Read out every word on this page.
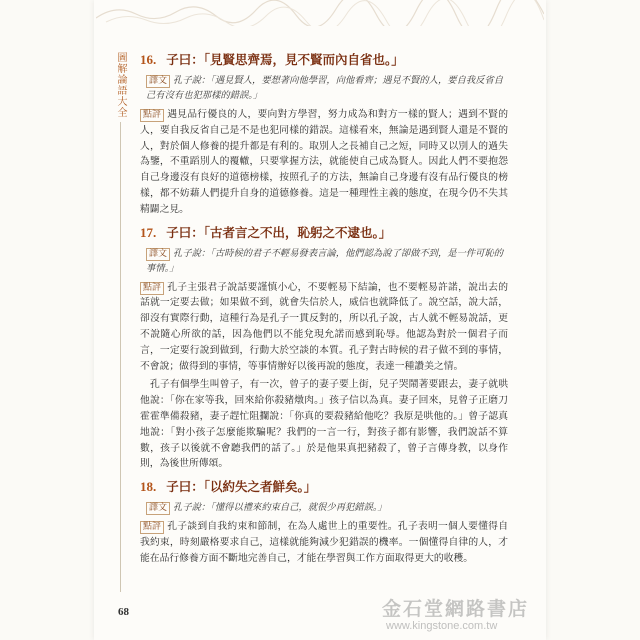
圖解論語大全 16. 子曰：「見賢思齊焉，見不賢而內自省也。」
譯文 孔子說：「遇見賢人，要想著向他學習，向他看齊；遇見不賢的人，要自我反省自己有沒有也犯那樣的錯誤。」
點評 遇見品行優良的人，要向對方學習，努力成為和對方一樣的賢人；遇到不賢的人，要自我反省自己是不是也犯同樣的錯誤。這樣看來，無論是遇到賢人還是不賢的人，對於個人修養的提升都是有利的。取別人之長補自己之短，同時又以別人的過失為鑒，不重蹈別人的覆轍，只要掌握方法，就能使自己成為賢人。因此人們不要抱怨自己身邊沒有良好的道德榜樣，按照孔子的方法，無論自己身邊有沒有品行優良的榜樣，都不妨藉人們提升自身的道德修養。這是一種理性主義的態度，在現今仍不失其精闢之見。
17. 子曰：「古者言之不出，恥躬之不逮也。」
譯文 孔子說：「古時候的君子不輕易發表言論，他們認為說了卻做不到，是一件可恥的事情。」
點評 孔子主張君子說話要謹慎小心，不要輕易下結論，也不要輕易許諾，說出去的話就一定要去做；如果做不到，就會失信於人，威信也就降低了。說空話，說大話，卻沒有實際行動，這種行為是孔子一貫反對的，所以孔子說，古人就不輕易說話，更不說隨心所欲的話，因為他們以不能兌現允諾而感到恥辱。他認為對於一個君子而言，一定要行說到做到，行動大於空談的本質。孔子對古時候的君子做不到的事情，不會說；做得到的事情，等事情辦好以後再說的態度，表達一種讚美之情。
孔子有個學生叫曾子，有一次，曾子的妻子要上街，兒子哭鬧著要跟去，妻子就哄他說：「你在家等我，回來給你殺豬燉肉。」孩子信以為真。妻子回來，見曾子正磨刀霍霍準備殺豬，妻子趕忙阻攔說：「你真的要殺豬給他吃？我原是哄他的。」曾子認真地說：「對小孩子怎麼能欺騙呢？我們的一言一行，對孩子都有影響，我們說話不算數，孩子以後就不會聽我們的話了。」於是他果真把豬殺了，曾子言傳身教，以身作則，為後世所傳頌。
18. 子曰：「以約失之者鮮矣。」
譯文 孔子說：「懂得以禮來約束自己，就很少再犯錯誤。」
點評 孔子談到自我約束和節制，在為人處世上的重要性。孔子表明一個人要懂得自我約束，時刻嚴格要求自己，這樣就能夠減少犯錯誤的機率。一個懂得自律的人，才能在品行修養方面不斷地完善自己，才能在學習與工作方面取得更大的收穫。
68	金石堂網路書店
www.kingstone.com.tw
